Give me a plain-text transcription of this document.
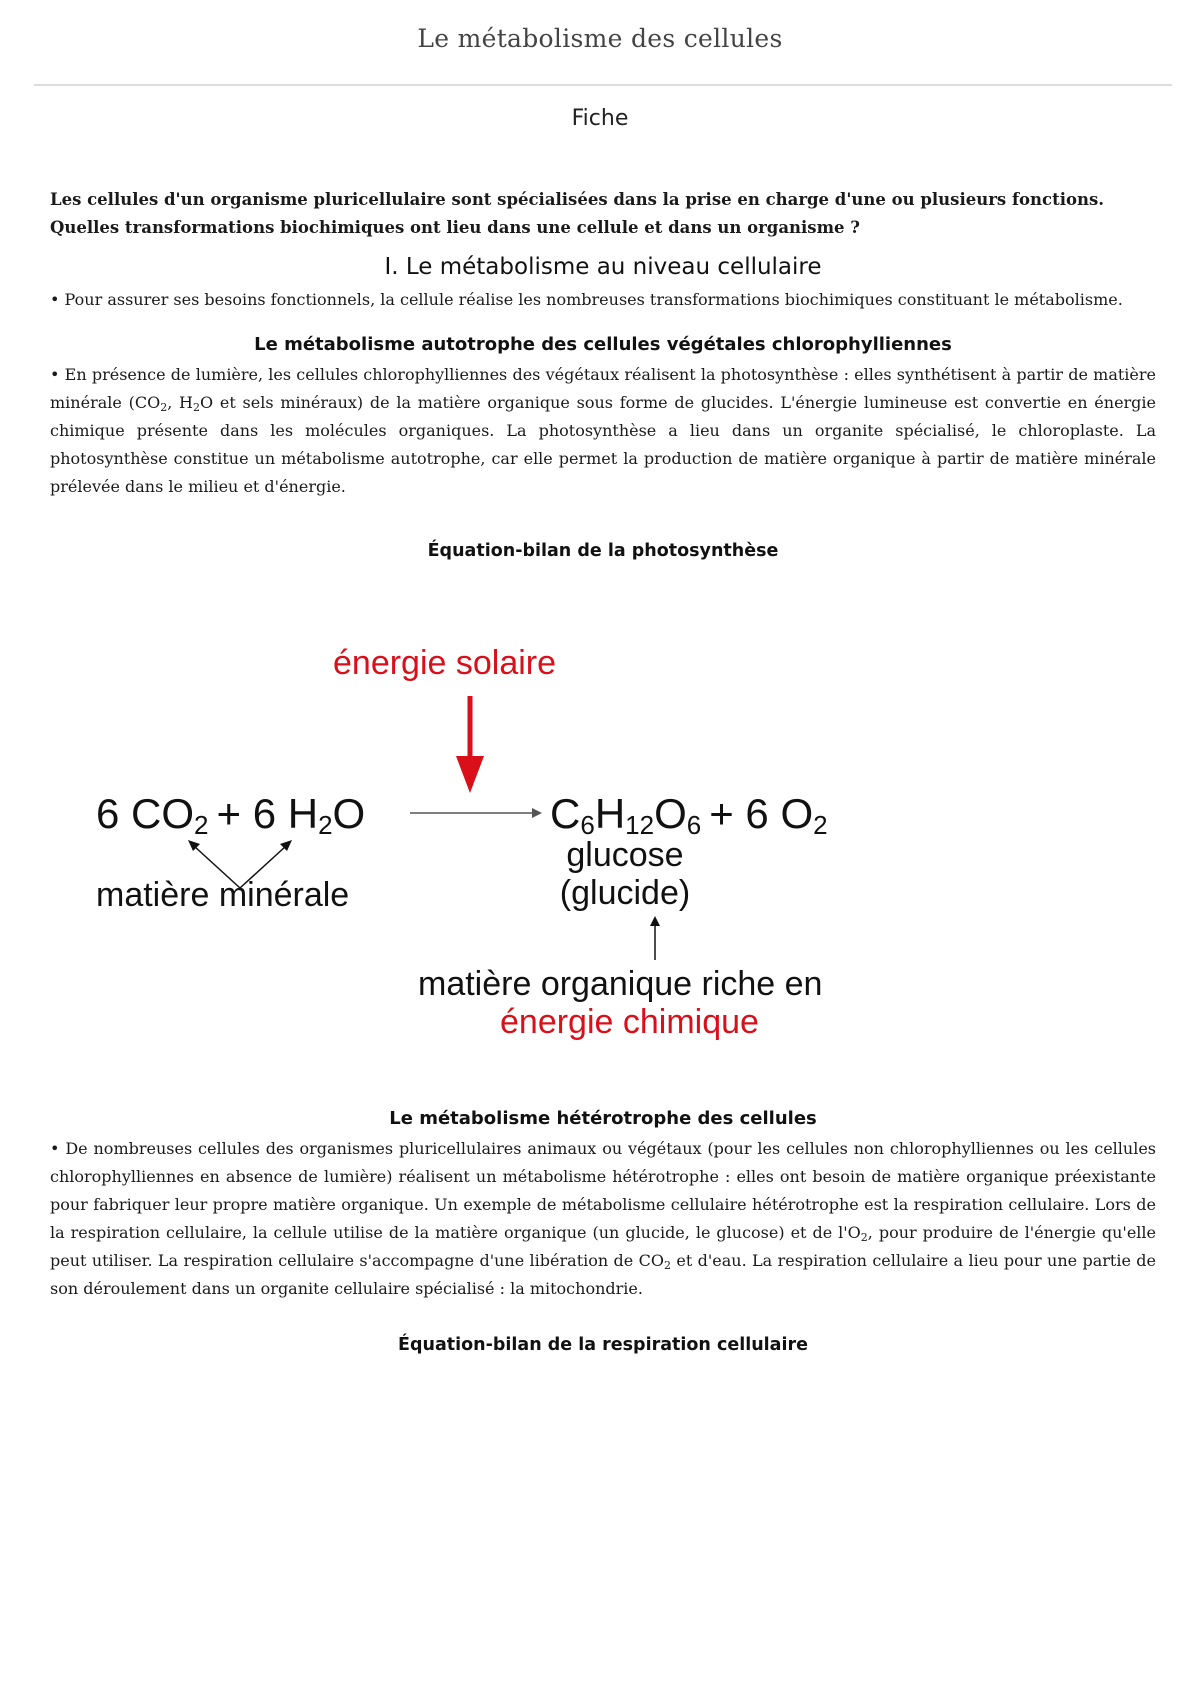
Le métabolisme des cellules
Fiche

Les cellules d'un organisme pluricellulaire sont spécialisées dans la prise en charge d'une ou plusieurs fonctions. Quelles transformations biochimiques ont lieu dans une cellule et dans un organisme ?

I. Le métabolisme au niveau cellulaire

• Pour assurer ses besoins fonctionnels, la cellule réalise les nombreuses transformations biochimiques constituant le métabolisme.

Le métabolisme autotrophe des cellules végétales chlorophylliennes

• En présence de lumière, les cellules chlorophylliennes des végétaux réalisent la photosynthèse : elles synthétisent à partir de matière minérale ($CO_2$, $H_2O$ et sels minéraux) de la matière organique sous forme de glucides. L'énergie lumineuse est convertie en énergie chimique présente dans les molécules organiques. La photosynthèse a lieu dans un organite spécialisé, le chloroplaste. La photosynthèse constitue un métabolisme autotrophe, car elle permet la production de matière organique à partir de matière minérale prélevée dans le milieu et d'énergie.

Équation-bilan de la photosynthèse
énergie solaire
6 CO2 + 6 H2O	C6H12O6 + 6 O2
matière minérale
glucose
(glucide)
matière organique riche en
énergie chimique
Le métabolisme hétérotrophe des cellules

• De nombreuses cellules des organismes pluricellulaires animaux ou végétaux (pour les cellules non chlorophylliennes ou les cellules chlorophylliennes en absence de lumière) réalisent un métabolisme hétérotrophe : elles ont besoin de matière organique préexistante pour fabriquer leur propre matière organique. Un exemple de métabolisme cellulaire hétérotrophe est la respiration cellulaire. Lors de la respiration cellulaire, la cellule utilise de la matière organique (un glucide, le glucose) et de $l'O_2$, pour produire de l'énergie qu'elle peut utiliser. La respiration cellulaire s'accompagne d'une libération de $CO_2$ et d'eau. La respiration cellulaire a lieu pour une partie de son déroulement dans un organite cellulaire spécialisé : la mitochondrie.

Équation-bilan de la respiration cellulaire
